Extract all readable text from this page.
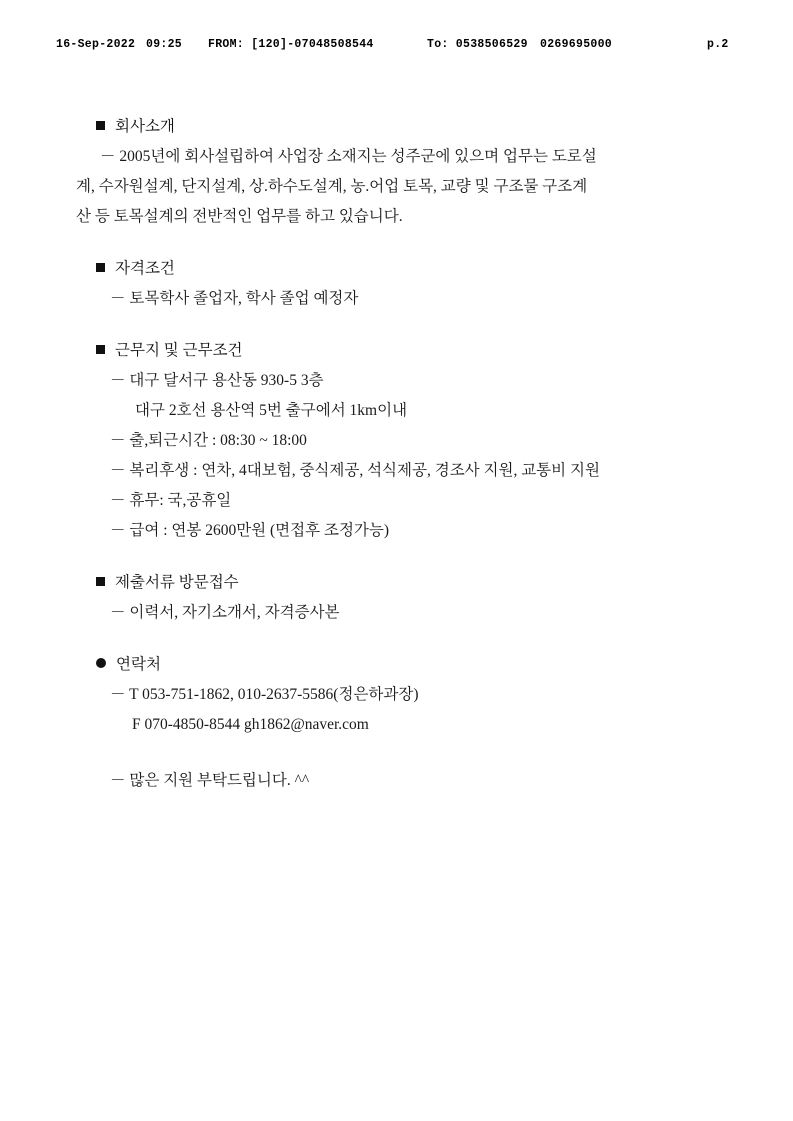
16-Sep-2022

09:25

FROM: [120]-07048508544

	To: 0538506529

0269695000

	p.2

회사소개
－ 2005년에 회사설립하여 사업장 소재지는 성주군에 있으며 업무는 도로설
계, 수자원설계, 단지설계, 상.하수도설계, 농.어업 토목, 교량 및 구조물 구조계
산 등 토목설계의 전반적인 업무를 하고 있습니다.
자격조건
－ 토목학사 졸업자, 학사 졸업 예정자
근무지 및 근무조건
－ 대구 달서구 용산동 930-5 3층
대구 2호선 용산역 5번 출구에서 1km이내
－ 출,퇴근시간 : 08:30 ~ 18:00
－ 복리후생 : 연차, 4대보험, 중식제공, 석식제공, 경조사 지원, 교통비 지원
－ 휴무: 국,공휴일
－ 급여 : 연봉 2600만원 (면접후 조정가능)
제출서류 방문접수
－ 이력서, 자기소개서, 자격증사본
연락처
－ T 053-751-1862, 010-2637-5586(정은하과장)
F 070-4850-8544 gh1862@naver.com
－ 많은 지원 부탁드립니다. ^^
